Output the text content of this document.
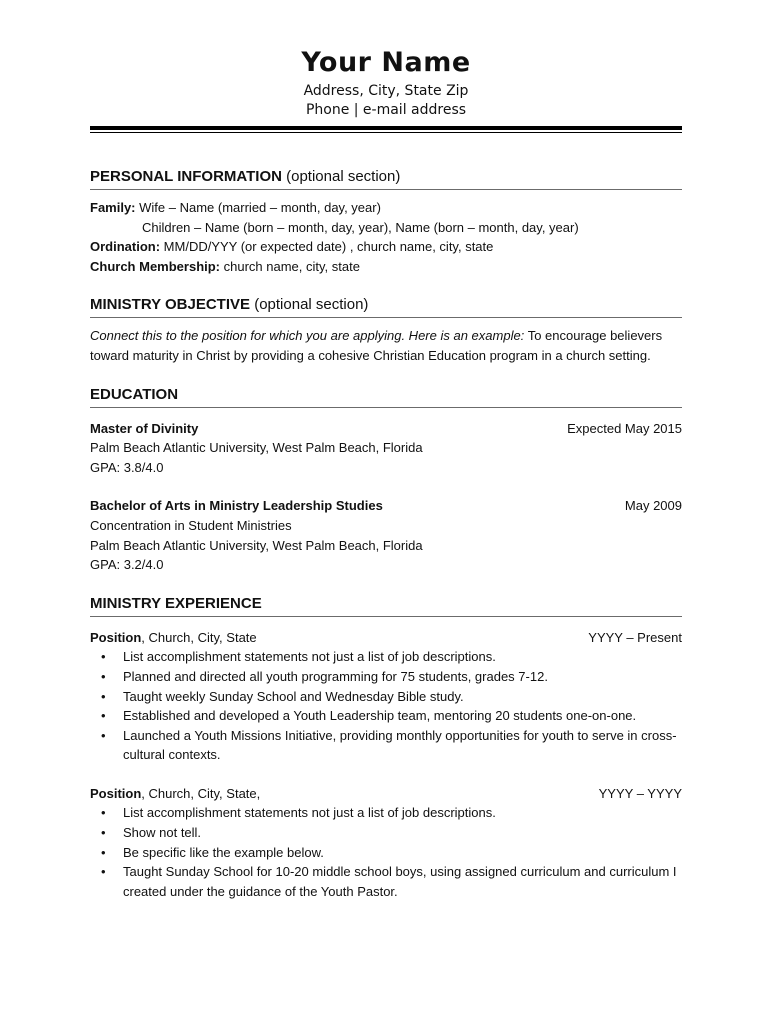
Your Name
Address, City, State Zip
Phone | e-mail address
PERSONAL INFORMATION (optional section)
Family: Wife – Name (married – month, day, year)
Children – Name (born – month, day, year), Name (born – month, day, year)
Ordination: MM/DD/YYY (or expected date) , church name, city, state
Church Membership: church name, city, state
MINISTRY OBJECTIVE (optional section)
Connect this to the position for which you are applying. Here is an example: To encourage believers toward maturity in Christ by providing a cohesive Christian Education program in a church setting.
EDUCATION
Master of Divinity	Expected May 2015
Palm Beach Atlantic University, West Palm Beach, Florida
GPA: 3.8/4.0
Bachelor of Arts in Ministry Leadership Studies	May 2009
Concentration in Student Ministries
Palm Beach Atlantic University, West Palm Beach, Florida
GPA: 3.2/4.0
MINISTRY EXPERIENCE
Position, Church, City, State	YYYY – Present
• List accomplishment statements not just a list of job descriptions.
• Planned and directed all youth programming for 75 students, grades 7-12.
• Taught weekly Sunday School and Wednesday Bible study.
• Established and developed a Youth Leadership team, mentoring 20 students one-on-one.
• Launched a Youth Missions Initiative, providing monthly opportunities for youth to serve in cross-cultural contexts.
Position, Church, City, State,	YYYY – YYYY
• List accomplishment statements not just a list of job descriptions.
• Show not tell.
• Be specific like the example below.
• Taught Sunday School for 10-20 middle school boys, using assigned curriculum and curriculum I created under the guidance of the Youth Pastor.
